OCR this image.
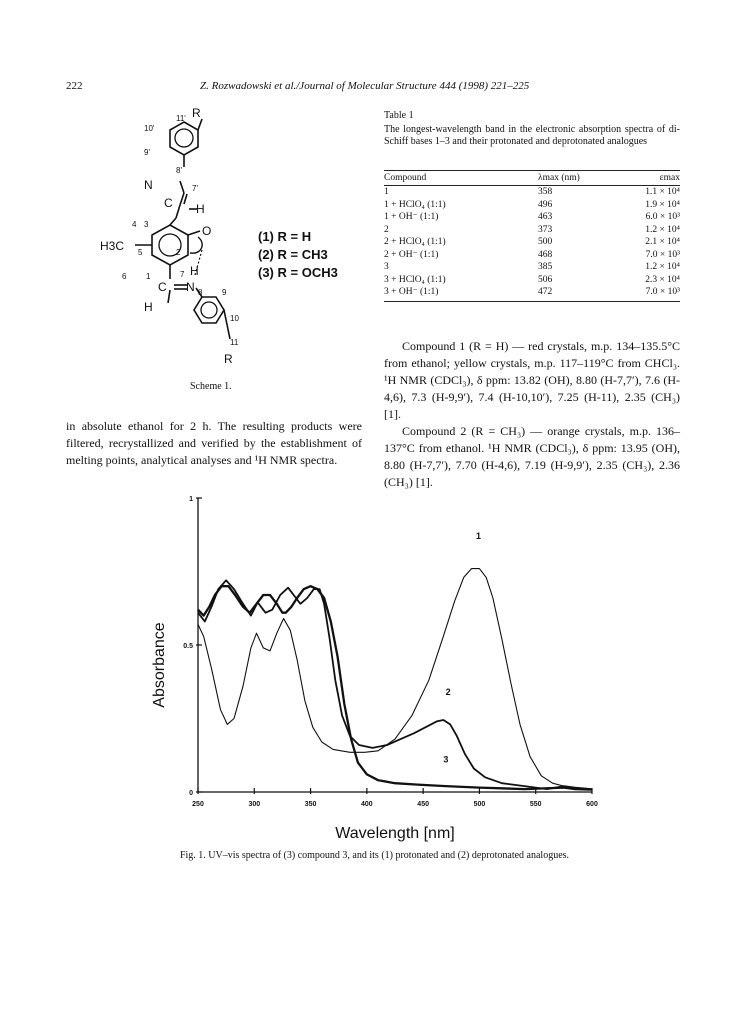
222	Z. Rozwadowski et al./Journal of Molecular Structure 444 (1998) 221–225
R
11'
10'
9'
8'
N	7'
C H
4 3
2
O
H3C 5
6 1	7 H
C N
H
8 9
10
11
R
(1) R = H
(2) R = CH3
(3) R = OCH3
Scheme 1.
Table 1
The longest-wavelength band in the electronic absorption spectra of di-Schiff bases 1–3 and their protonated and deprotonated analogues
Compound	λmax (nm)	εmax
1	358	1.1 × 10⁴
1 + HClO₄ (1:1)	496	1.9 × 10⁴
1 + OH⁻ (1:1)	463	6.0 × 10³
2	373	1.2 × 10⁴
2 + HClO₄ (1:1)	500	2.1 × 10⁴
2 + OH⁻ (1:1)	468	7.0 × 10³
3	385	1.2 × 10⁴
3 + HClO₄ (1:1)	506	2.3 × 10⁴
3 + OH⁻ (1:1)	472	7.0 × 10³
Compound 1 (R = H) — red crystals, m.p. 134–135.5°C from ethanol; yellow crystals, m.p. 117–119°C from CHCl₃. ¹H NMR (CDCl₃), δ ppm: 13.82 (OH), 8.80 (H-7,7′), 7.6 (H-4,6), 7.3 (H-9,9′), 7.4 (H-10,10′), 7.25 (H-11), 2.35 (CH₃) [1].
Compound 2 (R = CH₃) — orange crystals, m.p. 136–137°C from ethanol. ¹H NMR (CDCl₃), δ ppm: 13.95 (OH), 8.80 (H-7,7′), 7.70 (H-4,6), 7.19 (H-9,9′), 2.35 (CH₃), 2.36 (CH₃) [1].
in absolute ethanol for 2 h. The resulting products were filtered, recrystallized and verified by the establishment of melting points, analytical analyses and ¹H NMR spectra.
250	300	350	400	450	500	550	600
0
0.5
1
1
2
3
Wavelength [nm]
Absorbance
Fig. 1. UV–vis spectra of (3) compound 3, and its (1) protonated and (2) deprotonated analogues.
